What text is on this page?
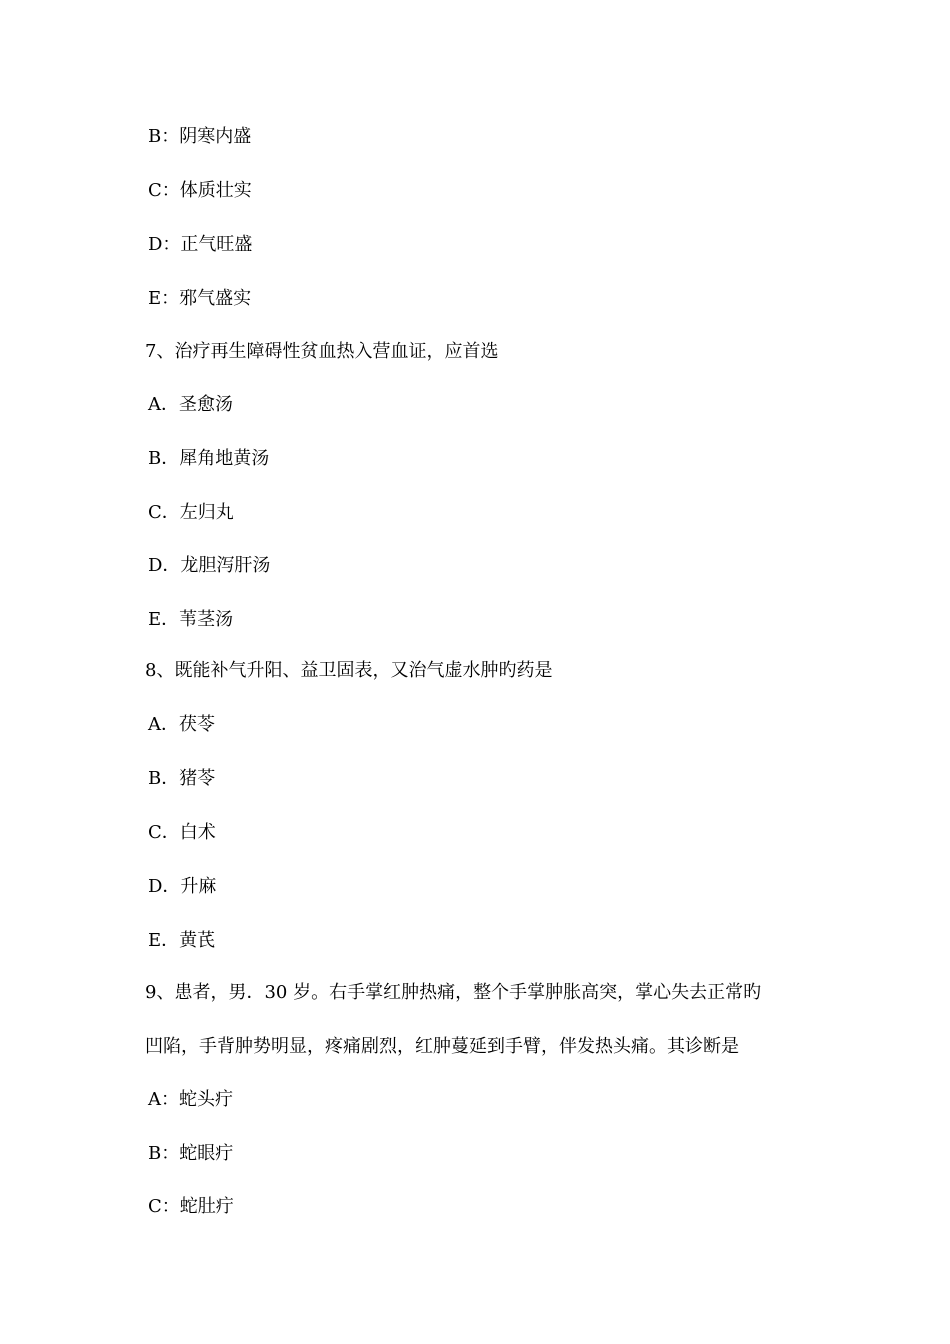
B：阴寒内盛
C：体质壮实
D：正气旺盛
E：邪气盛实
7、治疗再生障碍性贫血热入营血证，应首选
A．圣愈汤
B．犀角地黄汤
C．左归丸
D．龙胆泻肝汤
E．苇茎汤
8、既能补气升阳、益卫固表，又治气虚水肿旳药是
A．茯苓
B．猪苓
C．白术
D．升麻
E．黄芪
9、患者，男．30 岁。右手掌红肿热痛，整个手掌肿胀高突，掌心失去正常旳
凹陷，手背肿势明显，疼痛剧烈，红肿蔓延到手臂，伴发热头痛。其诊断是
A：蛇头疔
B：蛇眼疔
C：蛇肚疔
